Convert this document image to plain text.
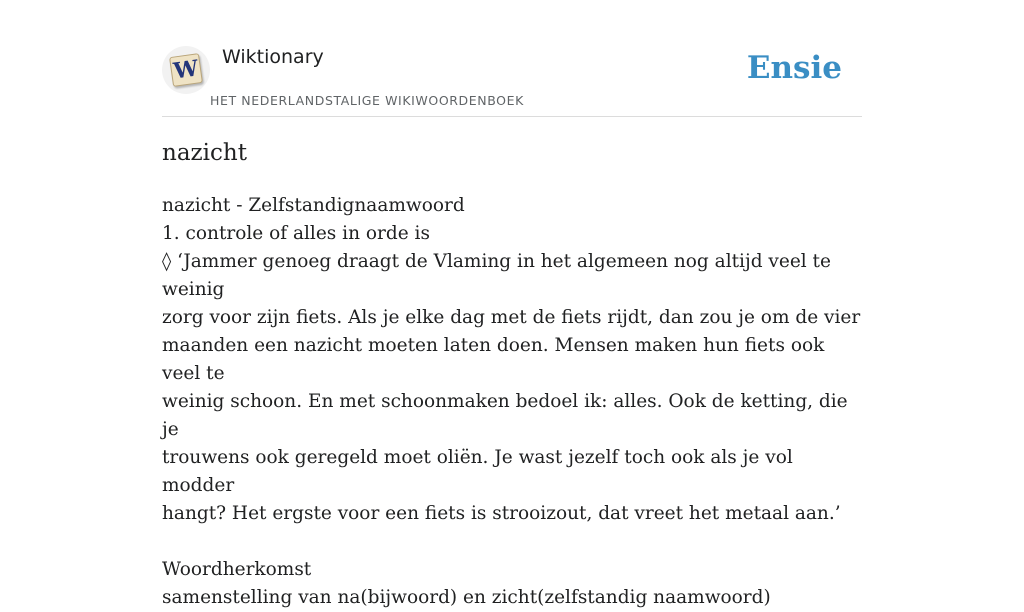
W Wiktionary
HET NEDERLANDSTALIGE WIKIWOORDENBOEK
Ensie
nazicht

nazicht - Zelfstandignaamwoord

1. controle of alles in orde is

◊ ‘Jammer genoeg draagt de Vlaming in het algemeen nog altijd veel te weinig

zorg voor zijn fiets. Als je elke dag met de fiets rijdt, dan zou je om de vier

maanden een nazicht moeten laten doen. Mensen maken hun fiets ook veel te

weinig schoon. En met schoonmaken bedoel ik: alles. Ook de ketting, die je

trouwens ook geregeld moet oliën. Je wast jezelf toch ook als je vol modder

hangt? Het ergste voor een fiets is strooizout, dat vreet het metaal aan.’

Woordherkomst

samenstelling van na(bijwoord) en zicht(zelfstandig naamwoord)
